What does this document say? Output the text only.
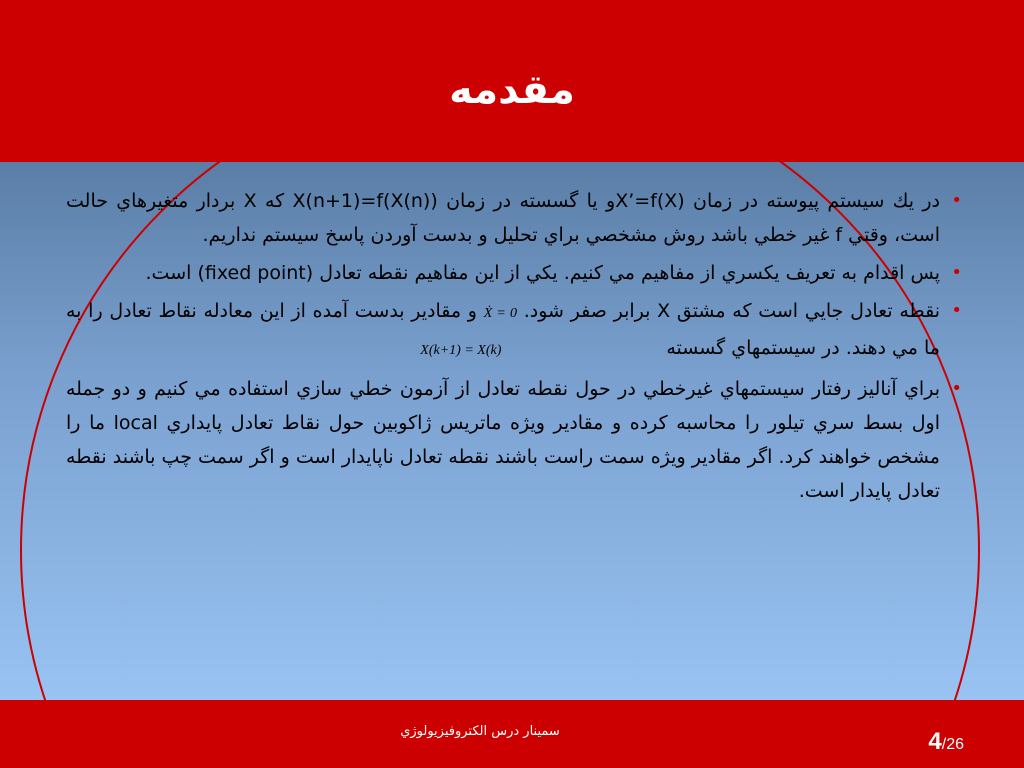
مقدمه
•
در يك سيستم پيوسته در زمان X’=f(X)و يا گسسته در زمان X(n+1)=f(X(n)) كه X بردار متغيرهاي حالت است، وقتي f غير خطي باشد روش مشخصي براي تحليل و بدست آوردن پاسخ سيستم نداريم.
•
پس اقدام به تعريف يكسري از مفاهيم مي كنيم. يكي از اين مفاهيم نقطه تعادل (fixed point) است.
•
نقطه تعادل جايي است كه مشتق X برابر صفر شود. Ẋ = 0 و مقادير بدست آمده از اين معادله نقاط تعادل را به ما مي دهند. در سيستمهاي گسسته X(k+1) = X(k)
•
براي آناليز رفتار سيستمهاي غيرخطي در حول نقطه تعادل از آزمون خطي سازي استفاده مي كنيم و دو جمله اول بسط سري تيلور را محاسبه كرده و مقادير ويژه ماتريس ژاكوبين حول نقاط تعادل پايداري local ما را مشخص خواهند كرد. اگر مقادير ويژه سمت راست باشند نقطه تعادل ناپايدار است و اگر سمت چپ باشند نقطه تعادل پايدار است.
سمينار درس الكتروفيزيولوژي	4/26
